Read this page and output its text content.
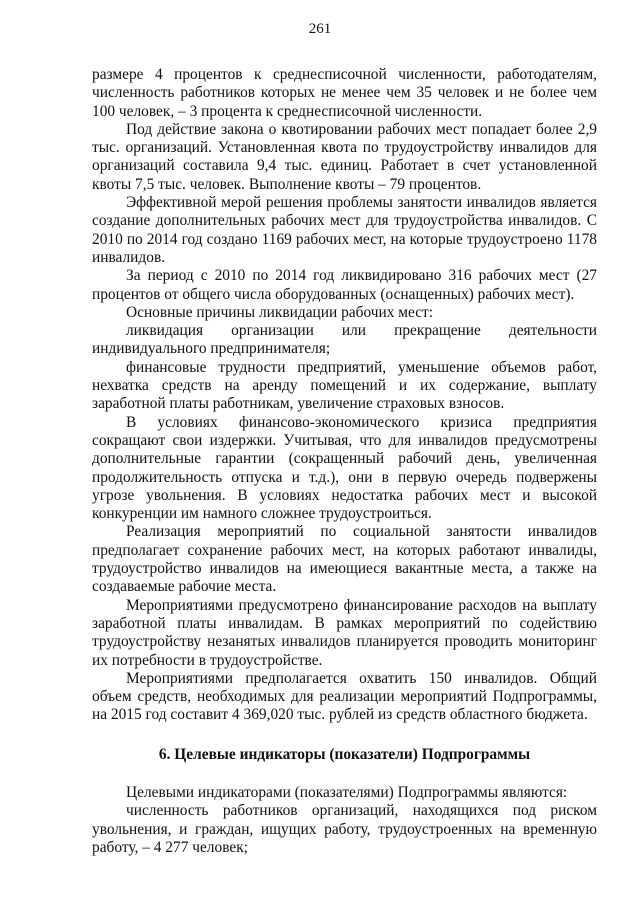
261

размере 4 процентов к среднесписочной численности, работодателям, численность работников которых не менее чем 35 человек и не более чем 100 человек, – 3 процента к среднесписочной численности.

Под действие закона о квотировании рабочих мест попадает более 2,9 тыс. организаций. Установленная квота по трудоустройству инвалидов для организаций составила 9,4 тыс. единиц. Работает в счет установленной квоты 7,5 тыс. человек. Выполнение квоты – 79 процентов.

Эффективной мерой решения проблемы занятости инвалидов является создание дополнительных рабочих мест для трудоустройства инвалидов. С 2010 по 2014 год создано 1169 рабочих мест, на которые трудоустроено 1178 инвалидов.

За период с 2010 по 2014 год ликвидировано 316 рабочих мест (27 процентов от общего числа оборудованных (оснащенных) рабочих мест).

Основные причины ликвидации рабочих мест:

ликвидация организации или прекращение деятельности индивидуального предпринимателя;

финансовые трудности предприятий, уменьшение объемов работ, нехватка средств на аренду помещений и их содержание, выплату заработной платы работникам, увеличение страховых взносов.

В условиях финансово-экономического кризиса предприятия сокращают свои издержки. Учитывая, что для инвалидов предусмотрены дополнительные гарантии (сокращенный рабочий день, увеличенная продолжительность отпуска и т.д.), они в первую очередь подвержены угрозе увольнения. В условиях недостатка рабочих мест и высокой конкуренции им намного сложнее трудоустроиться.

Реализация мероприятий по социальной занятости инвалидов предполагает сохранение рабочих мест, на которых работают инвалиды, трудоустройство инвалидов на имеющиеся вакантные места, а также на создаваемые рабочие места.

Мероприятиями предусмотрено финансирование расходов на выплату заработной платы инвалидам. В рамках мероприятий по содействию трудоустройству незанятых инвалидов планируется проводить мониторинг их потребности в трудоустройстве.

Мероприятиями предполагается охватить 150 инвалидов. Общий объем средств, необходимых для реализации мероприятий Подпрограммы, на 2015 год составит 4 369,020 тыс. рублей из средств областного бюджета.

6. Целевые индикаторы (показатели) Подпрограммы

Целевыми индикаторами (показателями) Подпрограммы являются:

численность работников организаций, находящихся под риском увольнения, и граждан, ищущих работу, трудоустроенных на временную работу, – 4 277 человек;
